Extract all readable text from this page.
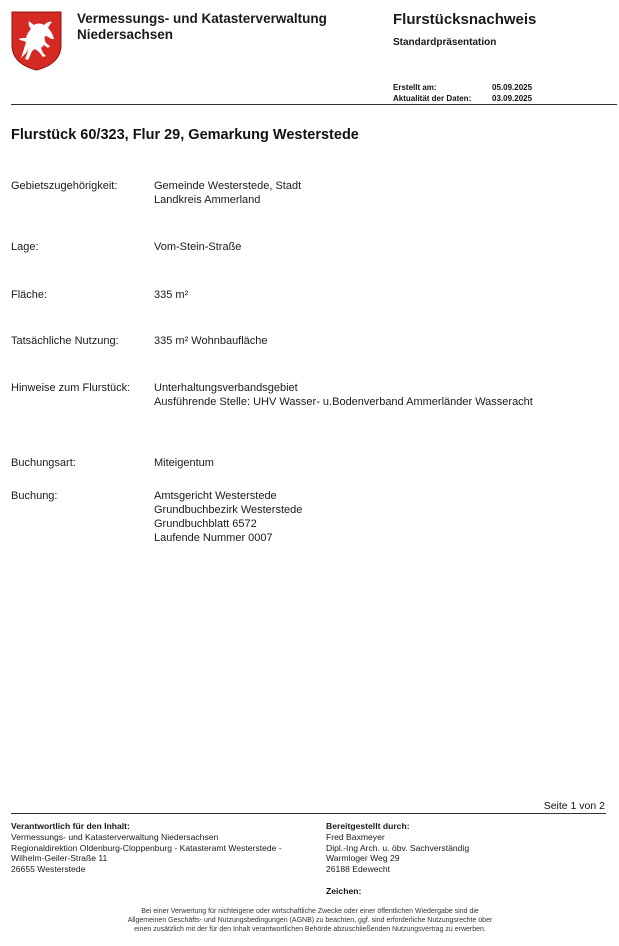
Vermessungs- und Katasterverwaltung
Niedersachsen
Flurstücksnachweis
Standardpräsentation
Erstellt am:	05.09.2025
Aktualität der Daten:	03.09.2025
Flurstück 60/323, Flur 29, Gemarkung Westerstede
Gebietszugehörigkeit:	Gemeinde Westerstede, Stadt
Landkreis Ammerland
Lage:	Vom-Stein-Straße
Fläche:	335 m²
Tatsächliche Nutzung:	335 m² Wohnbaufläche
Hinweise zum Flurstück:	Unterhaltungsverbandsgebiet
Ausführende Stelle: UHV Wasser- u.Bodenverband Ammerländer Wasseracht
Buchungsart:	Miteigentum
Buchung:	Amtsgericht Westerstede
Grundbuchbezirk Westerstede
Grundbuchblatt 6572
Laufende Nummer 0007
Seite 1 von 2
Verantwortlich für den Inhalt:
Vermessungs- und Katasterverwaltung Niedersachsen
Regionaldirektion Oldenburg-Cloppenburg - Katasteramt Westerstede -
Wilhelm-Geiler-Straße 11
26655 Westerstede
Bereitgestellt durch:
Fred Baxmeyer
Dipl.-Ing Arch. u. öbv. Sachverständig
Warmloger Weg 29
26188 Edewecht
Zeichen:
Bei einer Verwertung für nichteigene oder wirtschaftliche Zwecke oder einer öffentlichen Wiedergabe sind die
Allgemeinen Geschäfts- und Nutzungsbedingungen (AGNB) zu beachten, ggf. sind erforderliche Nutzungsrechte über
einen zusätzlich mit der für den Inhalt verantwortlichen Behörde abzuschließenden Nutzungsvertrag zu erwerben.
